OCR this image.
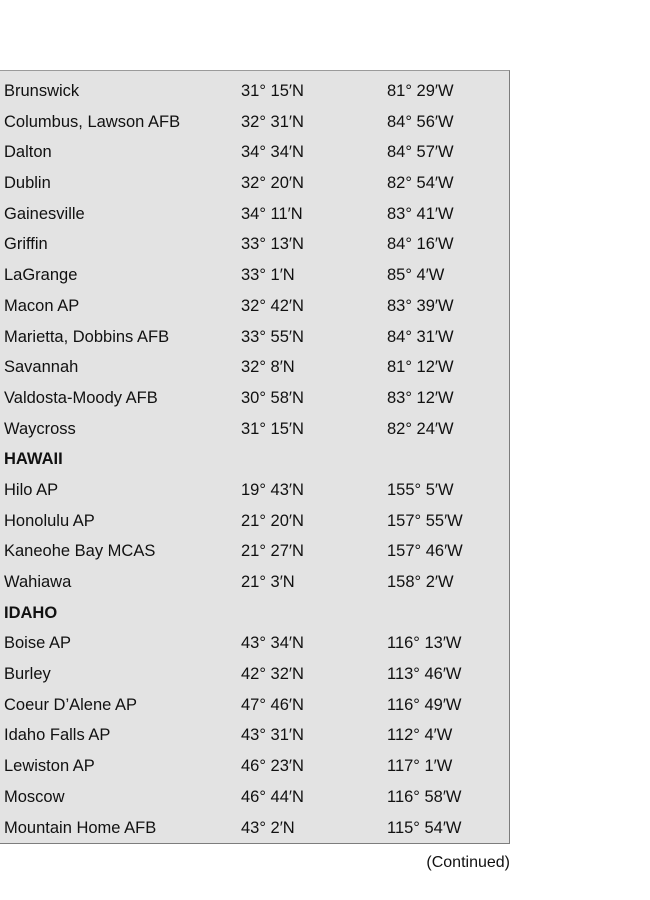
Brunswick	31° 15′N	81° 29′W
Columbus, Lawson AFB	32° 31′N	84° 56′W
Dalton	34° 34′N	84° 57′W
Dublin	32° 20′N	82° 54′W
Gainesville	34° 11′N	83° 41′W
Griffin	33° 13′N	84° 16′W
LaGrange	33° 1′N	85° 4′W
Macon AP	32° 42′N	83° 39′W
Marietta, Dobbins AFB	33° 55′N	84° 31′W
Savannah	32° 8′N	81° 12′W
Valdosta-Moody AFB	30° 58′N	83° 12′W
Waycross	31° 15′N	82° 24′W
HAWAII
Hilo AP	19° 43′N	155° 5′W
Honolulu AP	21° 20′N	157° 55′W
Kaneohe Bay MCAS	21° 27′N	157° 46′W
Wahiawa	21° 3′N	158° 2′W
IDAHO
Boise AP	43° 34′N	116° 13′W
Burley	42° 32′N	113° 46′W
Coeur D’Alene AP	47° 46′N	116° 49′W
Idaho Falls AP	43° 31′N	112° 4′W
Lewiston AP	46° 23′N	117° 1′W
Moscow	46° 44′N	116° 58′W
Mountain Home AFB	43° 2′N	115° 54′W
(Continued)
